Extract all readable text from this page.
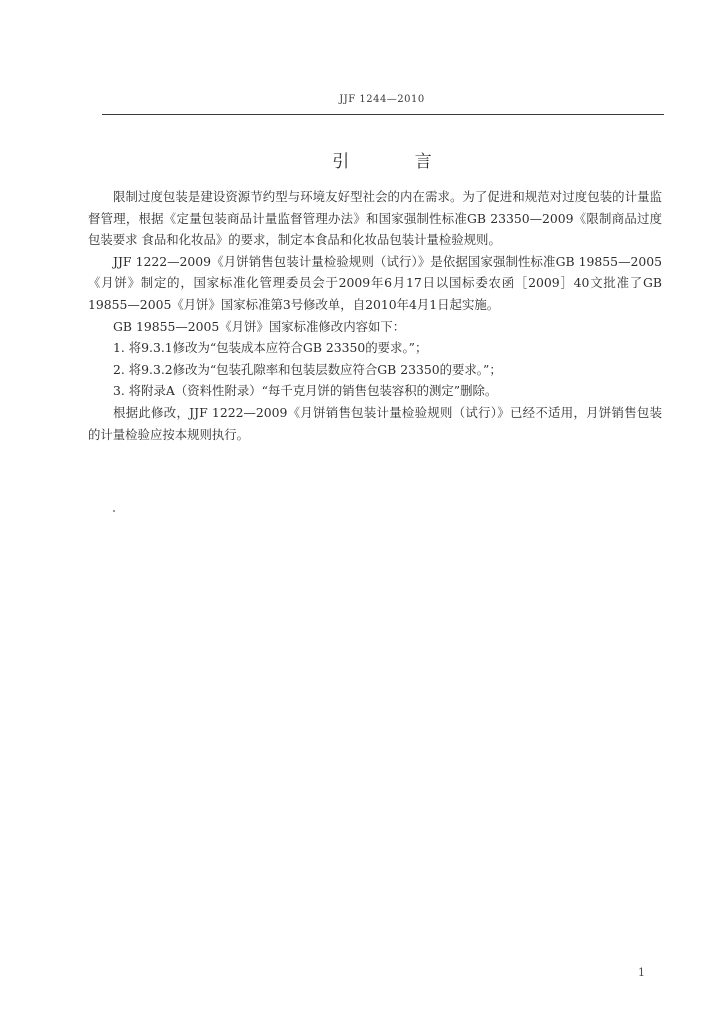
JJF 1244—2010
引 言

限制过度包装是建设资源节约型与环境友好型社会的内在需求。为了促进和规范对过度包装的计量监督管理，根据《定量包装商品计量监督管理办法》和国家强制性标准GB 23350—2009《限制商品过度包装要求 食品和化妆品》的要求，制定本食品和化妆品包装计量检验规则。

JJF 1222—2009《月饼销售包装计量检验规则（试行）》是依据国家强制性标准GB 19855—2005《月饼》制定的，国家标准化管理委员会于2009年6月17日以国标委农函［2009］40文批准了GB 19855—2005《月饼》国家标准第3号修改单，自2010年4月1日起实施。

GB 19855—2005《月饼》国家标准修改内容如下：

1. 将9.3.1修改为“包装成本应符合GB 23350的要求。”；

2. 将9.3.2修改为“包装孔隙率和包装层数应符合GB 23350的要求。”；

3. 将附录A（资料性附录）“每千克月饼的销售包装容积的测定”删除。

根据此修改，JJF 1222—2009《月饼销售包装计量检验规则（试行）》已经不适用，月饼销售包装的计量检验应按本规则执行。

1
